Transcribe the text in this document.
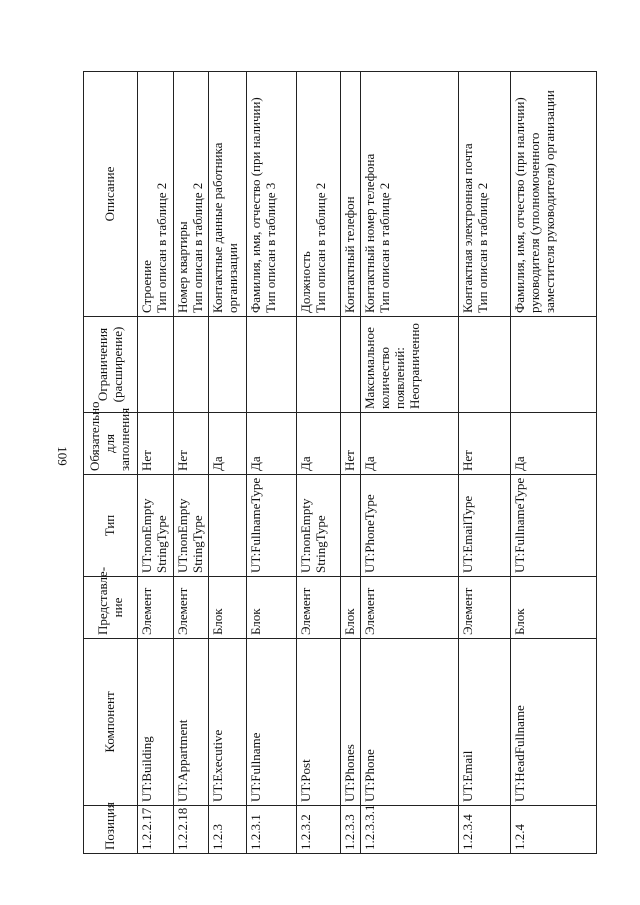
109
Позиция	Компонент	Представле-ние	Тип	Обязательно для заполнения	Ограничения (расширение)	Описание
1.2.2.17	UT:Building	Элемент	UT:nonEmpty StringType	Нет		Строение
Тип описан в таблице 2
1.2.2.18	UT:Appartment	Элемент	UT:nonEmpty StringType	Нет		Номер квартиры
Тип описан в таблице 2
1.2.3	UT:Executive	Блок		Да		Контактные данные работника организации
1.2.3.1	UT:Fullname	Блок	UT:FullnameType	Да		Фамилия, имя, отчество (при наличии)
Тип описан в таблице 3
1.2.3.2	UT:Post	Элемент	UT:nonEmpty StringType	Да		Должность
Тип описан в таблице 2
1.2.3.3	UT:Phones	Блок		Нет		Контактный телефон
1.2.3.3.1	UT:Phone	Элемент	UT:PhoneType	Да	Максимальное количество появлений: Неограниченно	Контактный номер телефона
Тип описан в таблице 2
1.2.3.4	UT:Email	Элемент	UT:EmailType	Нет		Контактная электронная почта
Тип описан в таблице 2
1.2.4	UT:HeadFullname	Блок	UT:FullnameType	Да		Фамилия, имя, отчество (при наличии) руководителя (уполномоченного заместителя руководителя) организации
